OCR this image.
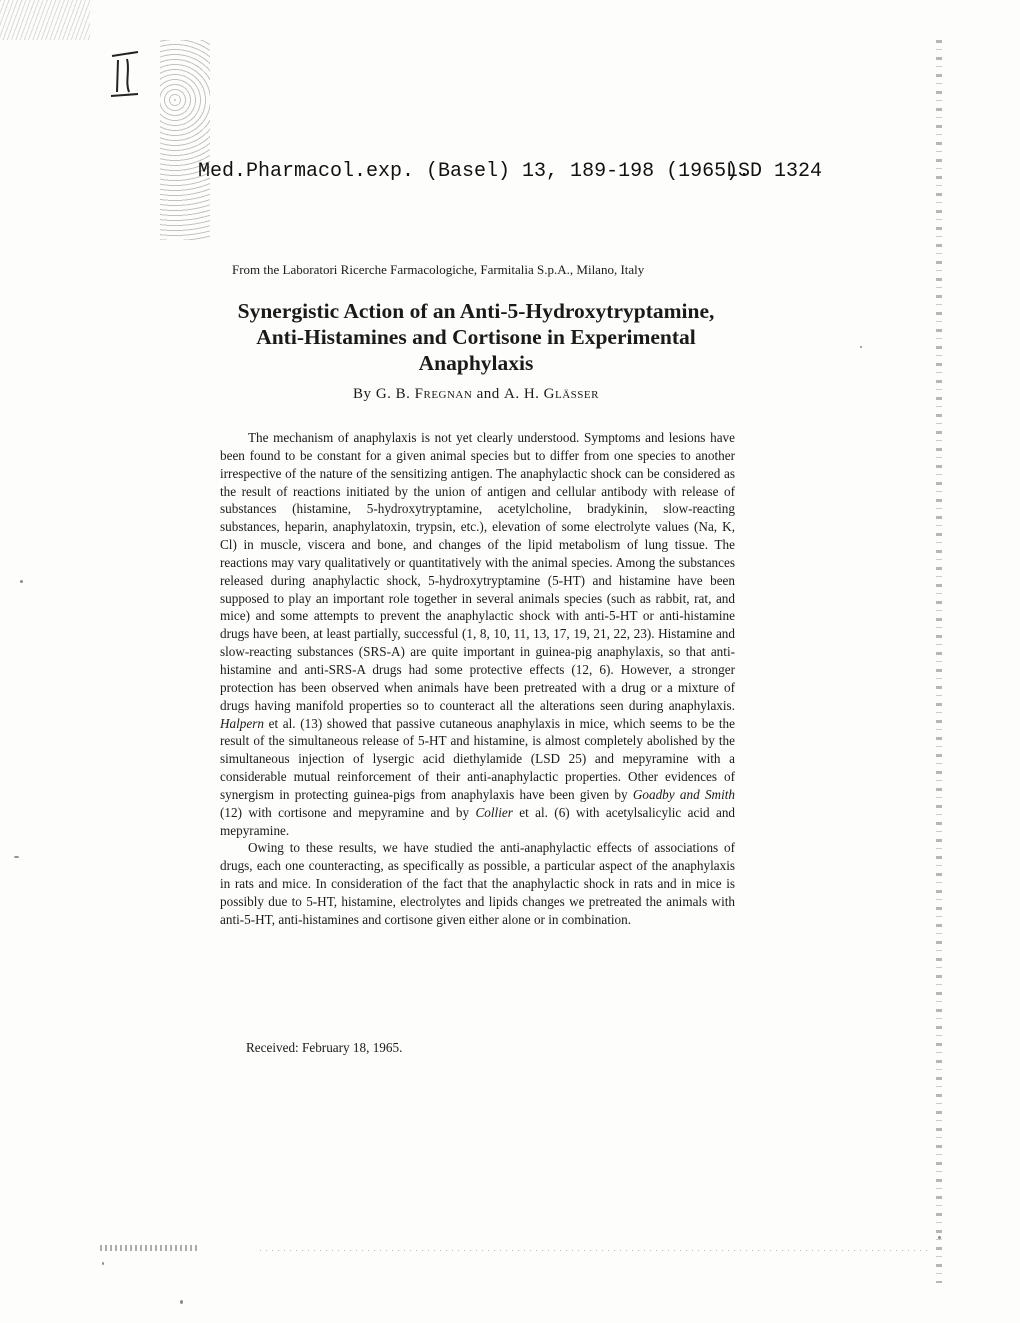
Med.Pharmacol.exp. (Basel) 13, 189-198 (1965).
LSD 1324
From the Laboratori Ricerche Farmacologiche, Farmitalia S.p.A., Milano, Italy
Synergistic Action of an Anti-5-Hydroxytryptamine, Anti-Histamines and Cortisone in Experimental Anaphylaxis
By G. B. Fregnan and A. H. Glässer

The mechanism of anaphylaxis is not yet clearly understood. Symptoms and lesions have been found to be constant for a given animal species but to differ from one species to another irrespective of the nature of the sensitizing antigen. The anaphylactic shock can be considered as the result of reactions initiated by the union of antigen and cellular antibody with release of substances (histamine, 5-hydroxytryptamine, acetylcholine, bradykinin, slow-reacting substances, heparin, anaphylatoxin, trypsin, etc.), elevation of some electrolyte values (Na, K, Cl) in muscle, viscera and bone, and changes of the lipid metabolism of lung tissue. The reactions may vary qualitatively or quantitatively with the animal species. Among the substances released during anaphylactic shock, 5-hydroxytryptamine (5-HT) and histamine have been supposed to play an important role together in several animals species (such as rabbit, rat, and mice) and some attempts to prevent the anaphylactic shock with anti-5-HT or anti-histamine drugs have been, at least partially, successful (1, 8, 10, 11, 13, 17, 19, 21, 22, 23). Histamine and slow-reacting substances (SRS-A) are quite important in guinea-pig anaphylaxis, so that anti-histamine and anti-SRS-A drugs had some protective effects (12, 6). However, a stronger protection has been observed when animals have been pretreated with a drug or a mixture of drugs having manifold properties so to counteract all the alterations seen during anaphylaxis. Halpern et al. (13) showed that passive cutaneous anaphylaxis in mice, which seems to be the result of the simultaneous release of 5-HT and histamine, is almost completely abolished by the simultaneous injection of lysergic acid diethylamide (LSD 25) and mepyramine with a considerable mutual reinforcement of their anti-anaphylactic properties. Other evidences of synergism in protecting guinea-pigs from anaphylaxis have been given by Goadby and Smith (12) with cortisone and mepyramine and by Collier et al. (6) with acetylsalicylic acid and mepyramine.

Owing to these results, we have studied the anti-anaphylactic effects of associations of drugs, each one counteracting, as specifically as possible, a particular aspect of the anaphylaxis in rats and mice. In consideration of the fact that the anaphylactic shock in rats and in mice is possibly due to 5-HT, histamine, electrolytes and lipids changes we pretreated the animals with anti-5-HT, anti-histamines and cortisone given either alone or in combination.

Received: February 18, 1965.
